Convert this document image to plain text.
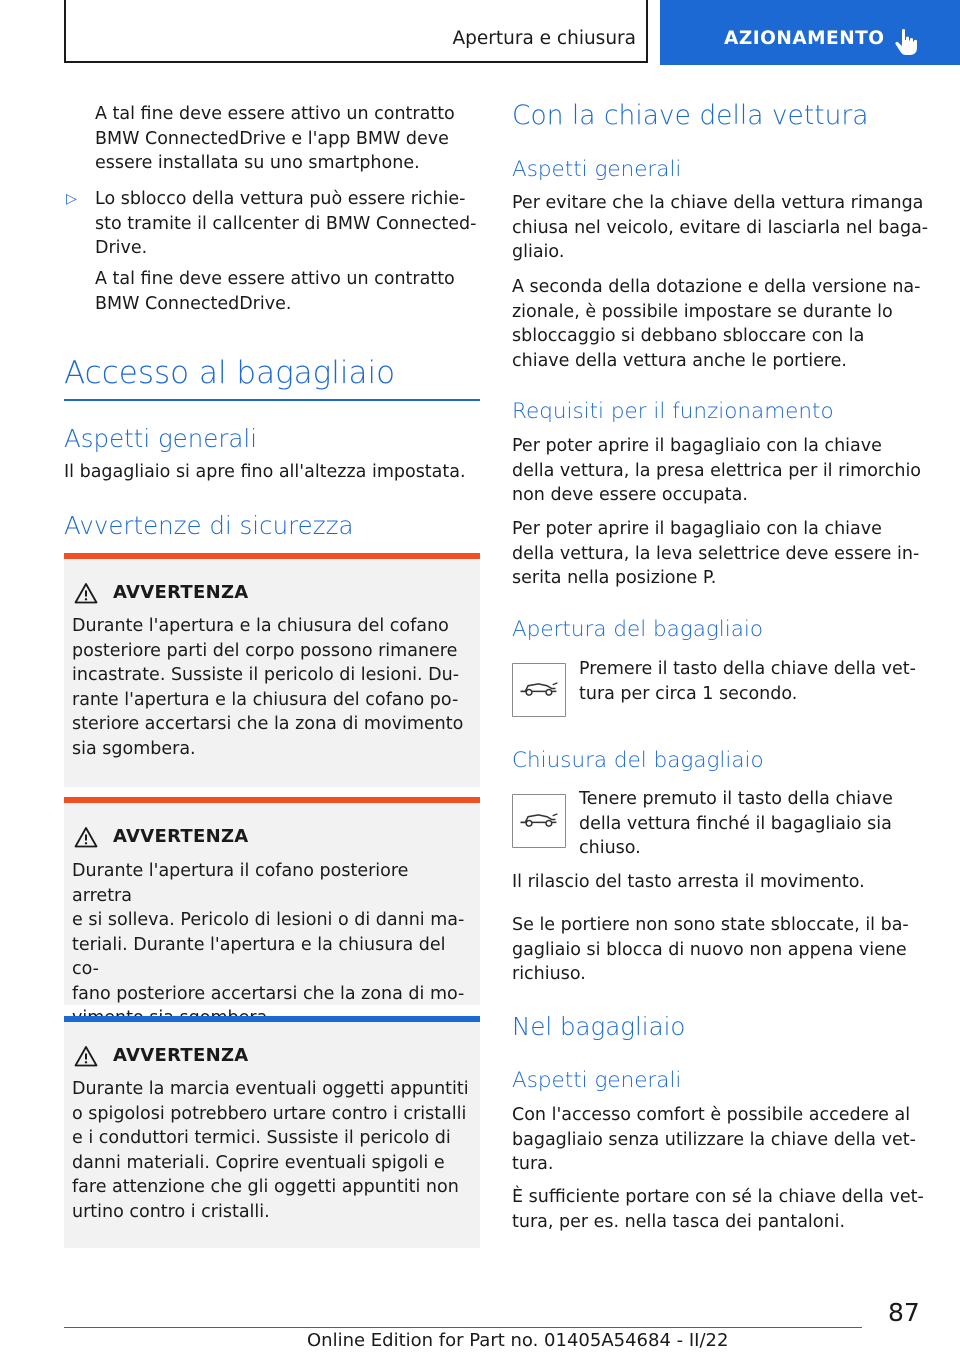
Apertura e chiusura	AZIONAMENTO
A tal fine deve essere attivo un contratto
BMW ConnectedDrive e l'app BMW deve
essere installata su uno smartphone.
▷ Lo sblocco della vettura può essere richie-
sto tramite il callcenter di BMW Connected-
Drive.
A tal fine deve essere attivo un contratto
BMW ConnectedDrive.
Accesso al bagagliaio
Aspetti generali
Il bagagliaio si apre fino all'altezza impostata.
Avvertenze di sicurezza
AVVERTENZA
Durante l'apertura e la chiusura del cofano
posteriore parti del corpo possono rimanere
incastrate. Sussiste il pericolo di lesioni. Du-
rante l'apertura e la chiusura del cofano po-
steriore accertarsi che la zona di movimento
sia sgombera.
AVVERTENZA
Durante l'apertura il cofano posteriore arretra
e si solleva. Pericolo di lesioni o di danni ma-
teriali. Durante l'apertura e la chiusura del co-
fano posteriore accertarsi che la zona di mo-
AVVERTENZA
Durante la marcia eventuali oggetti appuntiti
o spigolosi potrebbero urtare contro i cristalli
e i conduttori termici. Sussiste il pericolo di
danni materiali. Coprire eventuali spigoli e
fare attenzione che gli oggetti appuntiti non
urtino contro i cristalli.
Con la chiave della vettura
Aspetti generali
Per evitare che la chiave della vettura rimanga
chiusa nel veicolo, evitare di lasciarla nel baga-
gliaio.
A seconda della dotazione e della versione na-
zionale, è possibile impostare se durante lo
sbloccaggio si debbano sbloccare con la
chiave della vettura anche le portiere.
Requisiti per il funzionamento
Per poter aprire il bagagliaio con la chiave
della vettura, la presa elettrica per il rimorchio
non deve essere occupata.
Per poter aprire il bagagliaio con la chiave
della vettura, la leva selettrice deve essere in-
serita nella posizione P.
Apertura del bagagliaio
Premere il tasto della chiave della vet-
tura per circa 1 secondo.
Chiusura del bagagliaio
Tenere premuto il tasto della chiave
della vettura finché il bagagliaio sia
chiuso.
Il rilascio del tasto arresta il movimento.
Se le portiere non sono state sbloccate, il ba-
gagliaio si blocca di nuovo non appena viene
richiuso.
Nel bagagliaio
Aspetti generali
Con l'accesso comfort è possibile accedere al
bagagliaio senza utilizzare la chiave della vet-
tura.
È sufficiente portare con sé la chiave della vet-
tura, per es. nella tasca dei pantaloni.
87
Online Edition for Part no. 01405A54684 - II/22
